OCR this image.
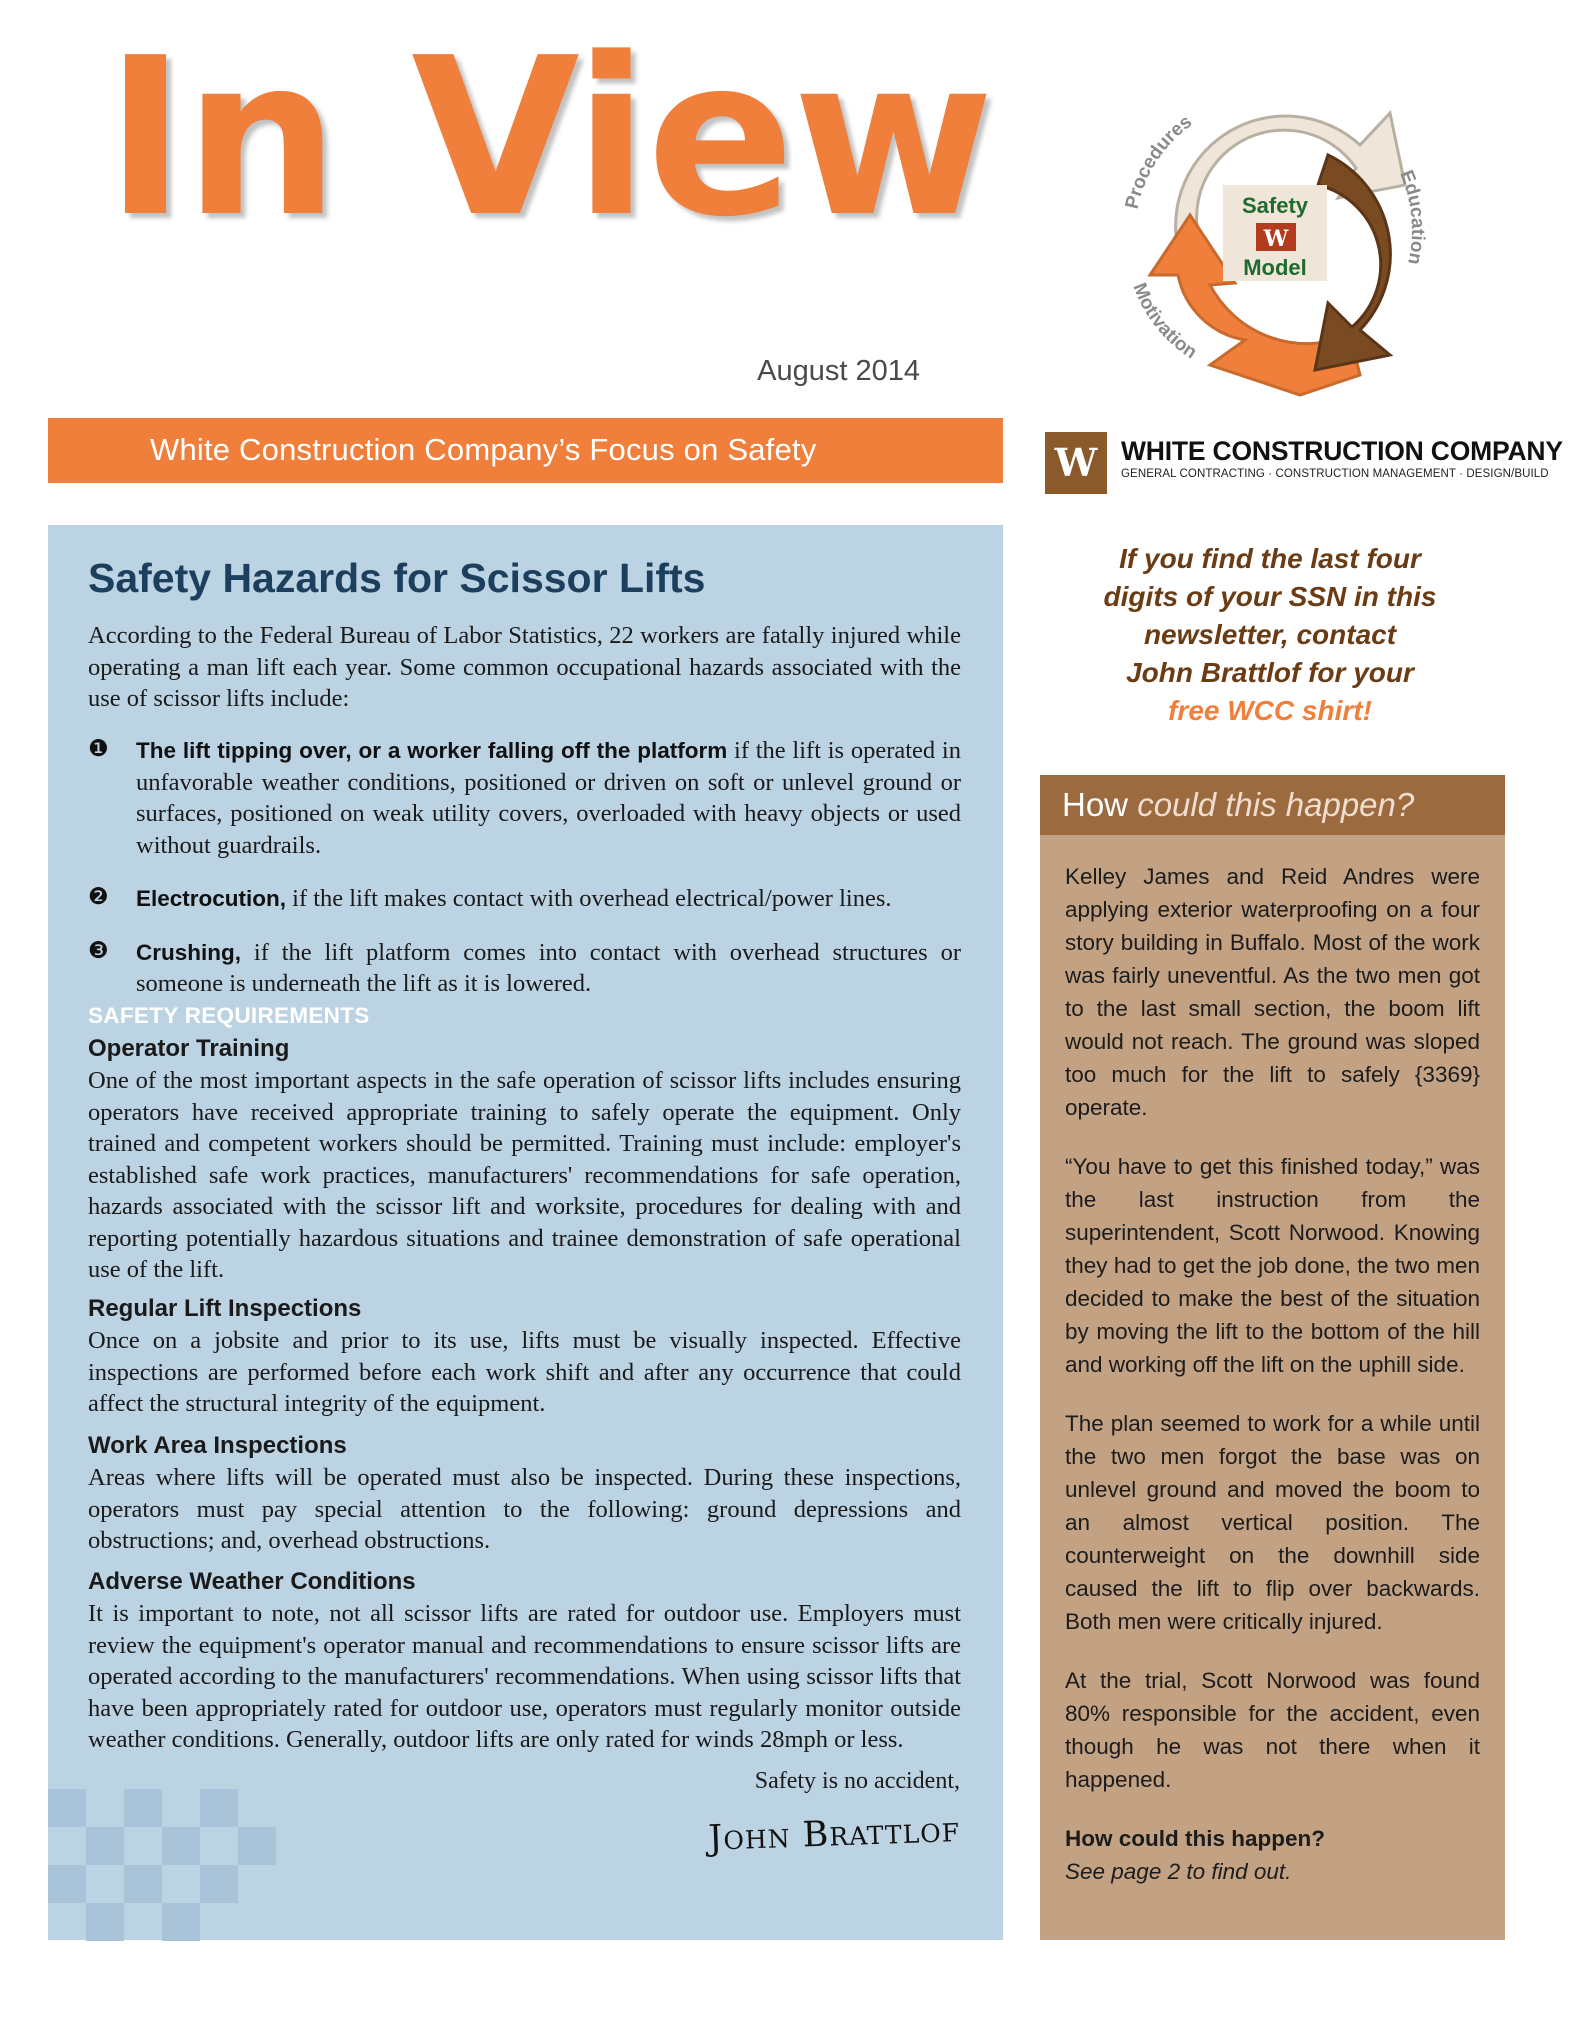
In View
August 2014
Procedures
Education
Motivation
Safety
W
Model
White Construction Company’s Focus on Safety	W WHITE CONSTRUCTION COMPANY
GENERAL CONTRACTING · CONSTRUCTION MANAGEMENT · DESIGN/BUILD
If you find the last four
digits of your SSN in this
newsletter, contact
John Brattlof for your
free WCC shirt!
Safety Hazards for Scissor Lifts
According to the Federal Bureau of Labor Statistics, 22 workers are fatally injured while operating a man lift each year. Some common occupational hazards associated with the use of scissor lifts include:
❶ The lift tipping over, or a worker falling off the platform if the lift is operated in unfavorable weather conditions, positioned or driven on soft or unlevel ground or surfaces, positioned on weak utility covers, overloaded with heavy objects or used without guardrails.
❷ Electrocution, if the lift makes contact with overhead electrical/power lines.
❸ Crushing, if the lift platform comes into contact with overhead structures or someone is underneath the lift as it is lowered.
SAFETY REQUIREMENTS
Operator Training
One of the most important aspects in the safe operation of scissor lifts includes ensuring operators have received appropriate training to safely operate the equipment. Only trained and competent workers should be permitted. Training must include: employer's established safe work practices, manufacturers' recommendations for safe operation, hazards associated with the scissor lift and worksite, procedures for dealing with and reporting potentially hazardous situations and trainee demonstration of safe operational use of the lift.
Regular Lift Inspections
Once on a jobsite and prior to its use, lifts must be visually inspected. Effective inspections are performed before each work shift and after any occurrence that could affect the structural integrity of the equipment.
Work Area Inspections
Areas where lifts will be operated must also be inspected. During these inspections, operators must pay special attention to the following: ground depressions and obstructions; and, overhead obstructions.
Adverse Weather Conditions
It is important to note, not all scissor lifts are rated for outdoor use. Employers must review the equipment's operator manual and recommendations to ensure scissor lifts are operated according to the manufacturers' recommendations. When using scissor lifts that have been appropriately rated for outdoor use, operators must regularly monitor outside weather conditions. Generally, outdoor lifts are only rated for winds 28mph or less.
Safety is no accident,
John Brattlof
How could this happen?

Kelley James and Reid Andres were applying exterior waterproofing on a four story building in Buffalo. Most of the work was fairly uneventful. As the two men got to the last small section, the boom lift would not reach. The ground was sloped too much for the lift to safely {3369} operate.

“You have to get this finished today,” was the last instruction from the superintendent, Scott Norwood. Knowing they had to get the job done, the two men decided to make the best of the situation by moving the lift to the bottom of the hill and working off the lift on the uphill side.

The plan seemed to work for a while until the two men forgot the base was on unlevel ground and moved the boom to an almost vertical position. The counterweight on the downhill side caused the lift to flip over backwards. Both men were critically injured.

At the trial, Scott Norwood was found 80% responsible for the accident, even though he was not there when it happened.

How could this happen?

See page 2 to find out.
